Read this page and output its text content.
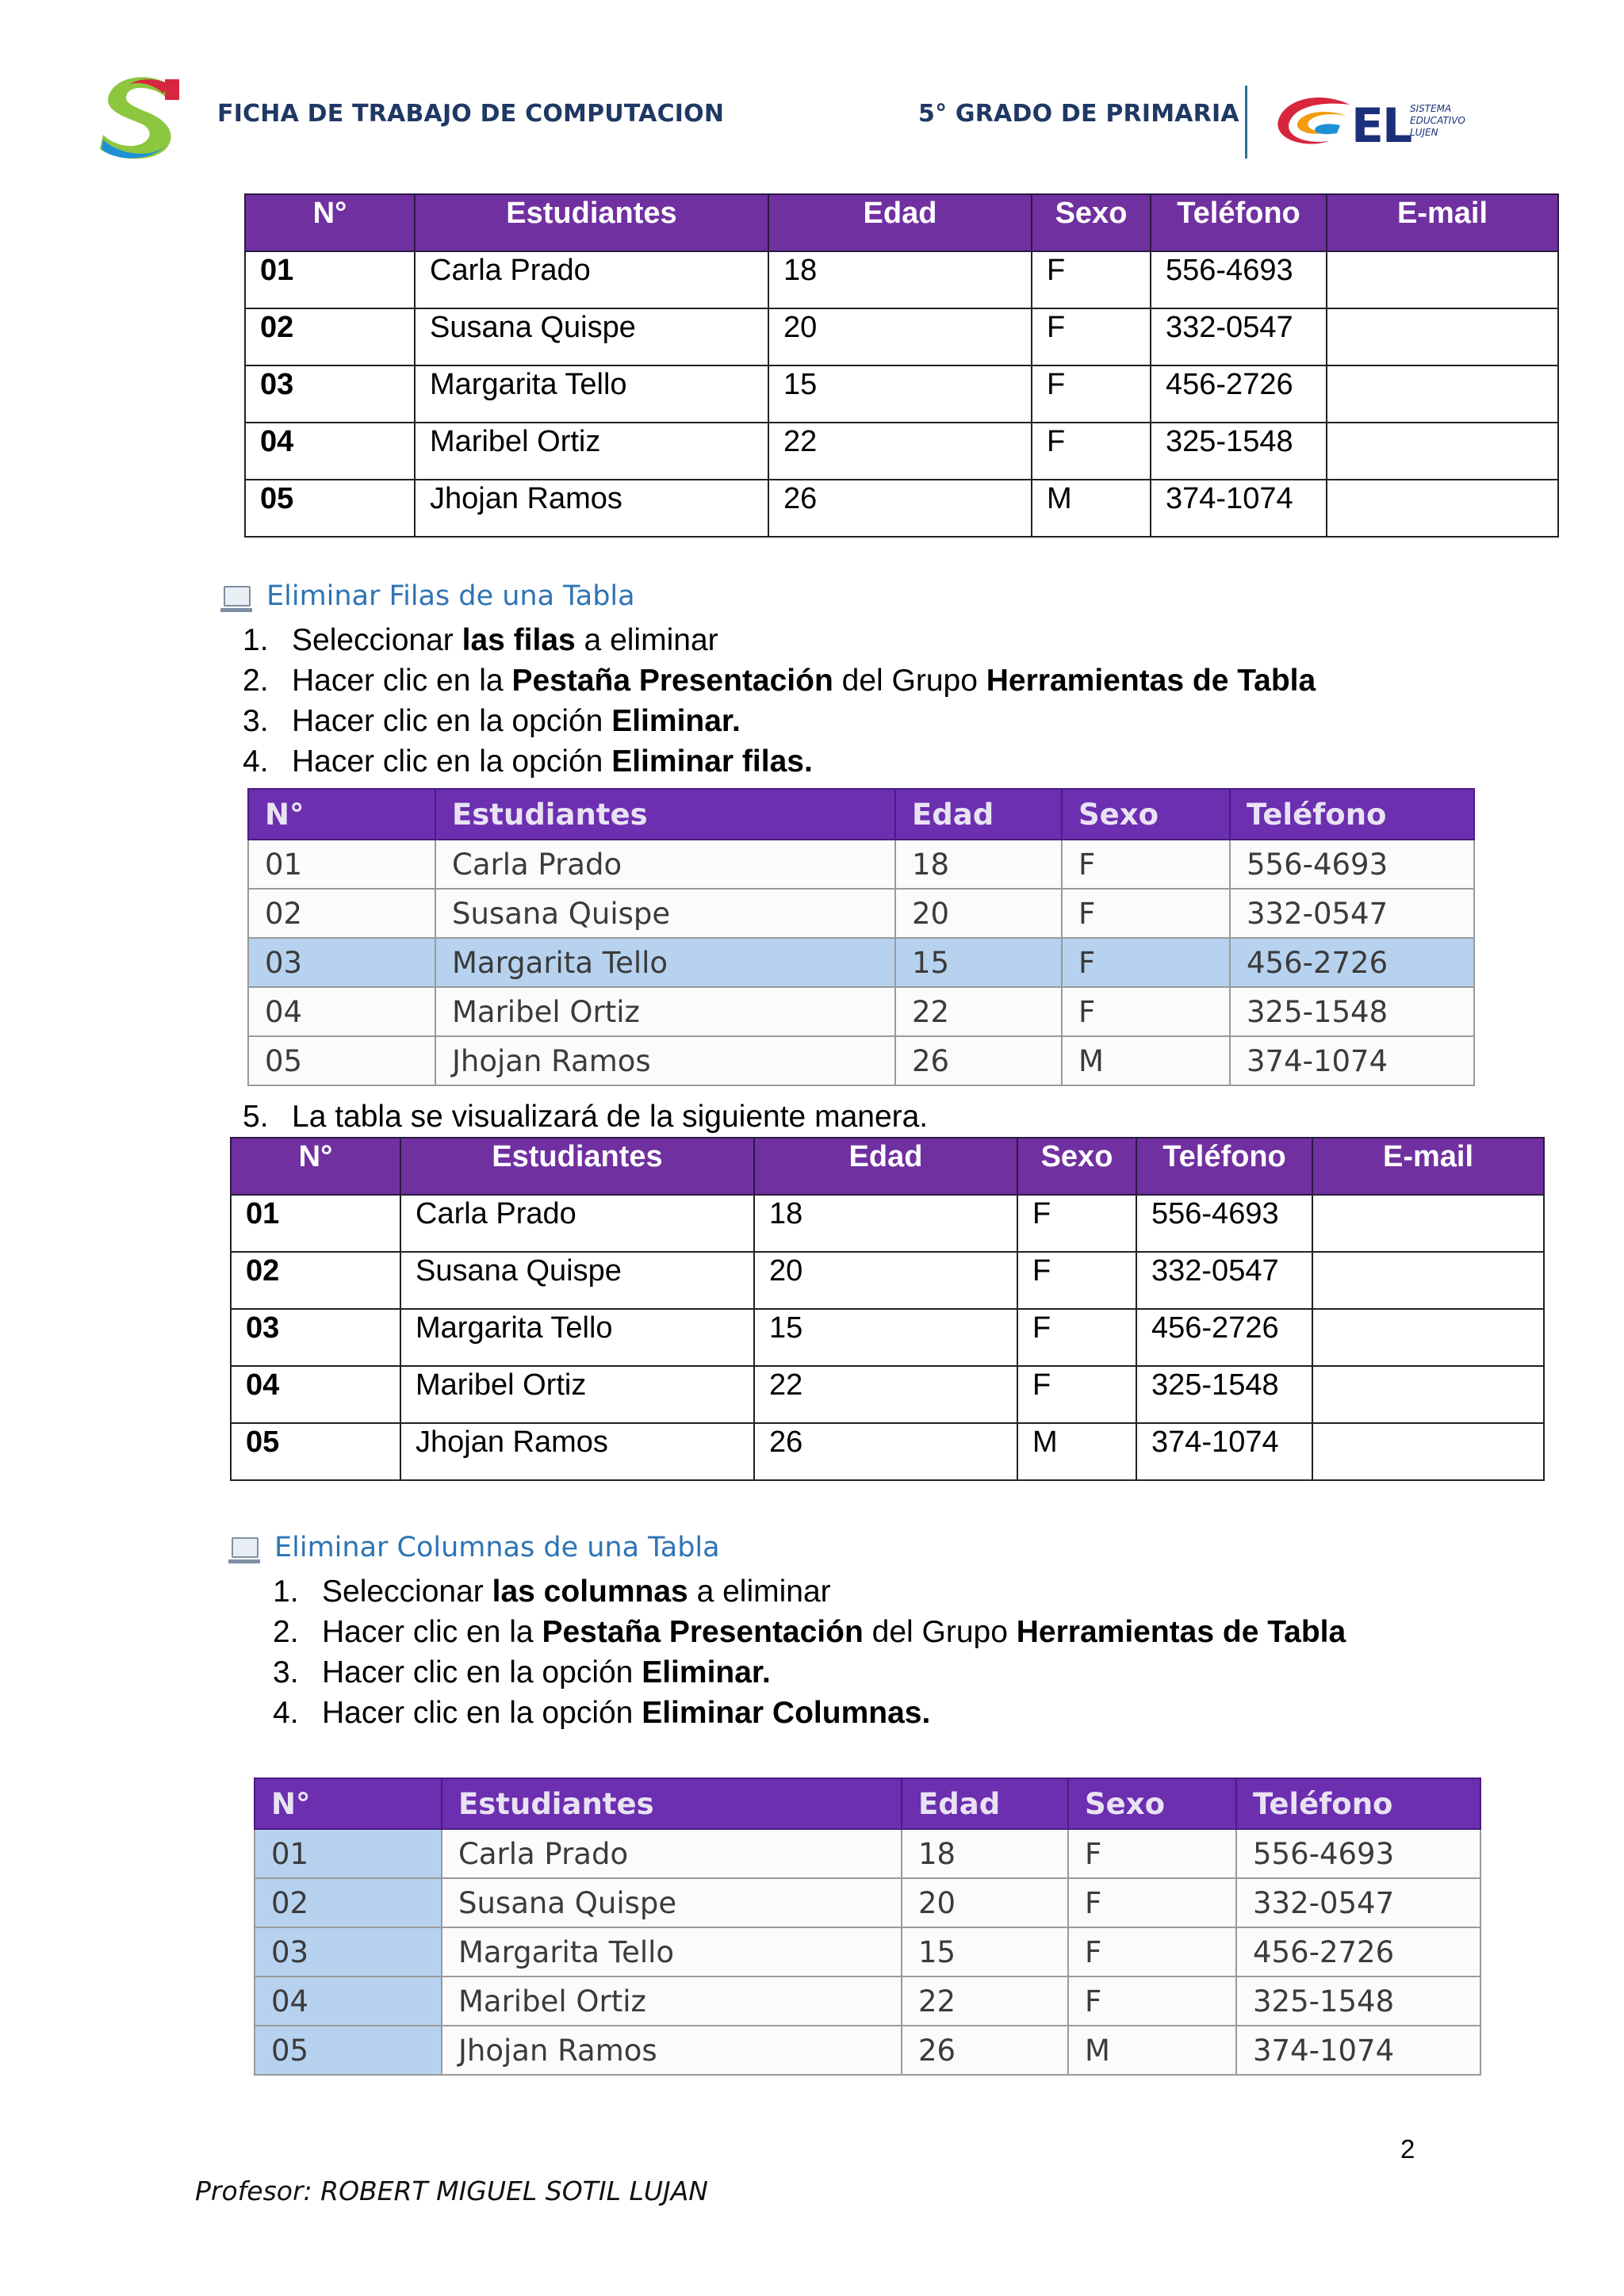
FICHA DE TRABAJO DE COMPUTACION	5° GRADO DE PRIMARIA EL
SISTEMA
EDUCATIVO
LUJEN
N°	Estudiantes	Edad	Sexo	Teléfono	E-mail
01	Carla Prado	18	F	556-4693	
02	Susana Quispe	20	F	332-0547	
03	Margarita Tello	15	F	456-2726	
04	Maribel Ortiz	22	F	325-1548	
05	Jhojan Ramos	26	M	374-1074	
Eliminar Filas de una Tabla
1. Seleccionar las filas a eliminar
2. Hacer clic en la Pestaña Presentación del Grupo Herramientas de Tabla
3. Hacer clic en la opción Eliminar.
4. Hacer clic en la opción Eliminar filas.
N°	Estudiantes	Edad	Sexo	Teléfono
01	Carla Prado	18	F	556-4693
02	Susana Quispe	20	F	332-0547
03	Margarita Tello	15	F	456-2726
04	Maribel Ortiz	22	F	325-1548
05	Jhojan Ramos	26	M	374-1074
5. La tabla se visualizará de la siguiente manera.
N°	Estudiantes	Edad	Sexo	Teléfono	E-mail
01	Carla Prado	18	F	556-4693	
02	Susana Quispe	20	F	332-0547	
03	Margarita Tello	15	F	456-2726	
04	Maribel Ortiz	22	F	325-1548	
05	Jhojan Ramos	26	M	374-1074	
Eliminar Columnas de una Tabla
1. Seleccionar las columnas a eliminar
2. Hacer clic en la Pestaña Presentación del Grupo Herramientas de Tabla
3. Hacer clic en la opción Eliminar.
4. Hacer clic en la opción Eliminar Columnas.
N°	Estudiantes	Edad	Sexo	Teléfono
01	Carla Prado	18	F	556-4693
02	Susana Quispe	20	F	332-0547
03	Margarita Tello	15	F	456-2726
04	Maribel Ortiz	22	F	325-1548
05	Jhojan Ramos	26	M	374-1074
2
Profesor: ROBERT MIGUEL SOTIL LUJAN
